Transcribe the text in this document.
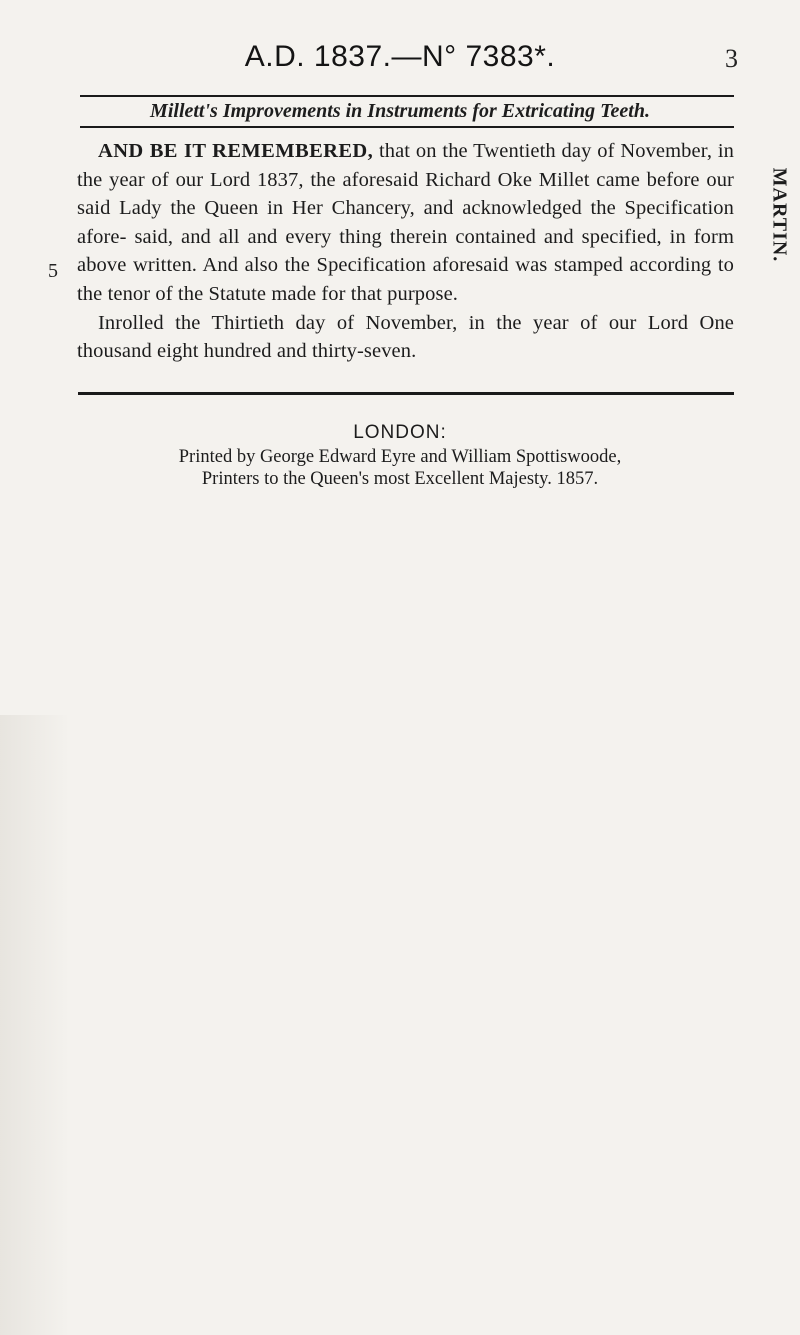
A.D. 1837.—N° 7383*.	3
Millett's Improvements in Instruments for Extricating Teeth.
MARTIN.
5

AND BE IT REMEMBERED, that on the Twentieth day of November, in the year of our Lord 1837, the aforesaid Richard Oke Millet came before our said Lady the Queen in Her Chancery, and acknowledged the Specification afore- said, and all and every thing therein contained and specified, in form above written. And also the Specification aforesaid was stamped according to the tenor of the Statute made for that purpose.

Inrolled the Thirtieth day of November, in the year of our Lord One thousand eight hundred and thirty-seven.

LONDON:
Printed by George Edward Eyre and William Spottiswoode,
Printers to the Queen's most Excellent Majesty. 1857.
